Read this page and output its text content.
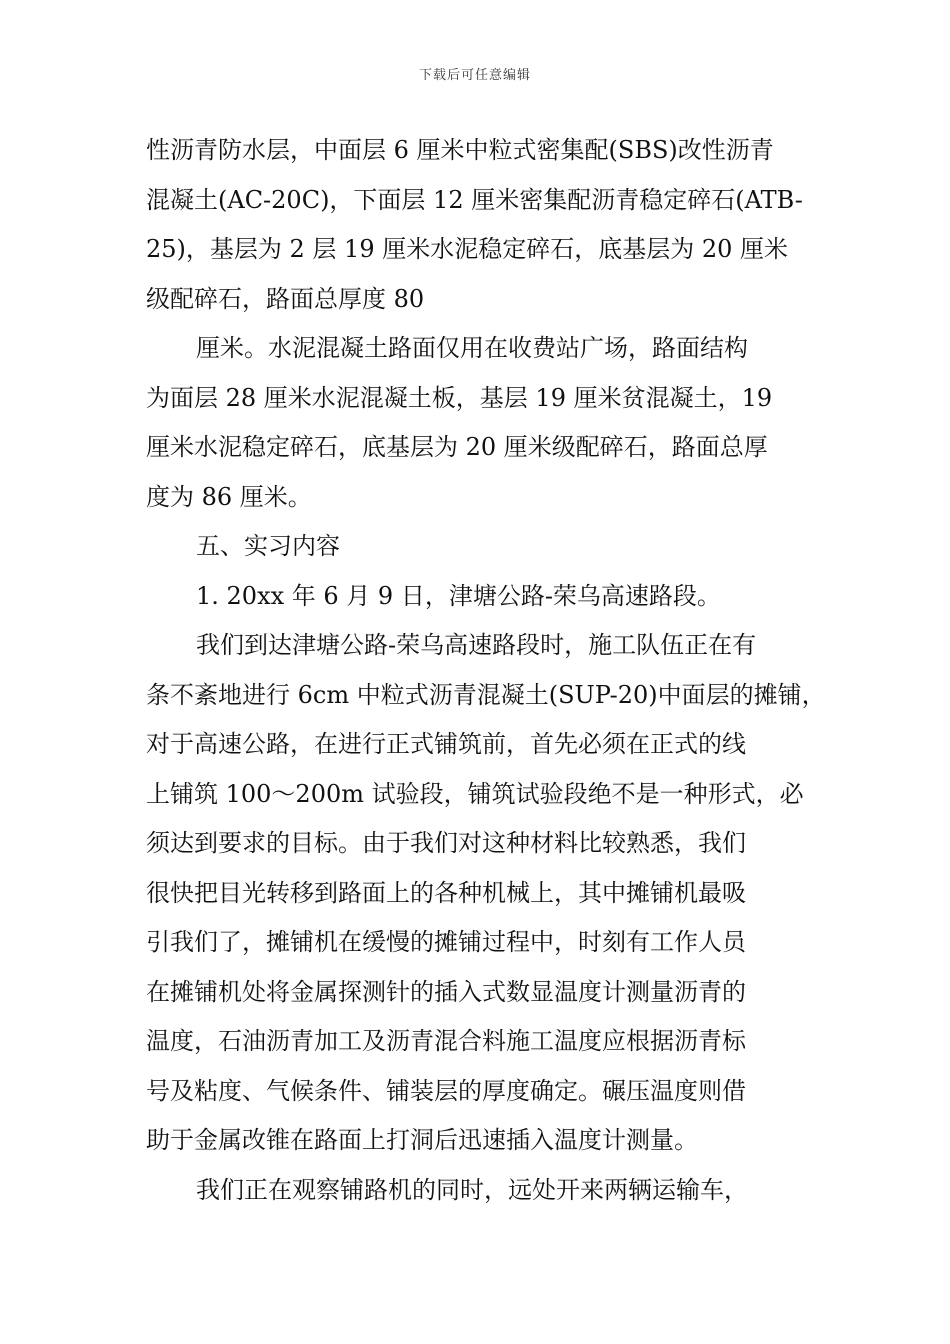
下载后可任意编辑
性沥青防水层，中面层 6 厘米中粒式密集配(SBS)改性沥青
混凝土(AC-20C)，下面层 12 厘米密集配沥青稳定碎石(ATB-
25)，基层为 2 层 19 厘米水泥稳定碎石，底基层为 20 厘米
级配碎石，路面总厚度 80
厘米。水泥混凝土路面仅用在收费站广场，路面结构
为面层 28 厘米水泥混凝土板，基层 19 厘米贫混凝土，19
厘米水泥稳定碎石，底基层为 20 厘米级配碎石，路面总厚
度为 86 厘米。
五、实习内容
1. 20xx 年 6 月 9 日，津塘公路-荣乌高速路段。
我们到达津塘公路-荣乌高速路段时，施工队伍正在有
条不紊地进行 6cm 中粒式沥青混凝土(SUP-20)中面层的摊铺，
对于高速公路，在进行正式铺筑前，首先必须在正式的线
上铺筑 100～200m 试验段，铺筑试验段绝不是一种形式，必
须达到要求的目标。由于我们对这种材料比较熟悉，我们
很快把目光转移到路面上的各种机械上，其中摊铺机最吸
引我们了，摊铺机在缓慢的摊铺过程中，时刻有工作人员
在摊铺机处将金属探测针的插入式数显温度计测量沥青的
温度，石油沥青加工及沥青混合料施工温度应根据沥青标
号及粘度、气候条件、铺装层的厚度确定。碾压温度则借
助于金属改锥在路面上打洞后迅速插入温度计测量。
我们正在观察铺路机的同时，远处开来两辆运输车，
